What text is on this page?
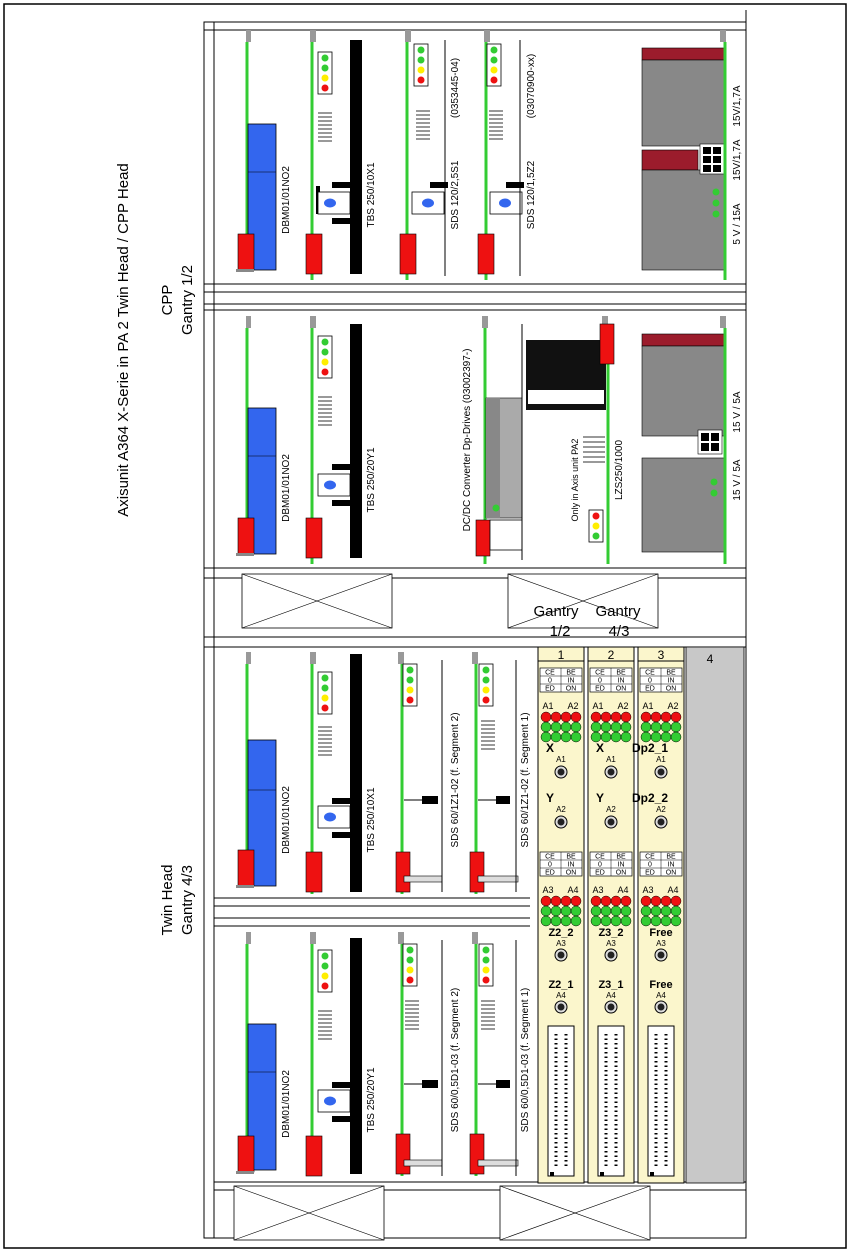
Axisunit A364 X-Serie in PA 2 Twin Head / CPP Head CPP Gantry 1/2
Twin Head Gantry 4/3
DBM01/01NO2	TBS 250/10X1	SDS 120/2,5S1
(0353445-04)
SDS 120/1,5Z2
(03070900-xx)
5 V / 15A
15V/1,7A
15V/1,7A
DBM01/01NO2	TBS 250/20Y1	DC/DC Converter Dp-Drives (03002397-)	Only in Axis unit PA2	LZS250/1000	15 V / 5A
15 V / 5A
DBM01/01NO2	TBS 250/10X1	SDS 60/1Z1-02 (f. Segment 2)	SDS 60/1Z1-02 (f. Segment 1)
DBM01/01NO2	TBS 250/20Y1	SDS 60/0,5D1-03 (f. Segment 2)	SDS 60/0,5D1-03 (f. Segment 1)
Gantry
1/2
Gantry
4/3
4
1
CE BE
0 IN
ED ON
A1 A2
X
A1
Y
A2
CE BE
0 IN
ED ON
A3 A4
Z2_2
A3
Z2_1
A4
2
CE BE
0 IN
ED ON
A1 A2
X
A1
Y
A2
CE BE
0 IN
ED ON
A3 A4
Z3_2
A3
Z3_1
A4
3
CE BE
0 IN
ED ON
A1 A2
Dp2_1
A1
Dp2_2
A2
CE BE
0 IN
ED ON
A3 A4
Free
A3
Free
A4
